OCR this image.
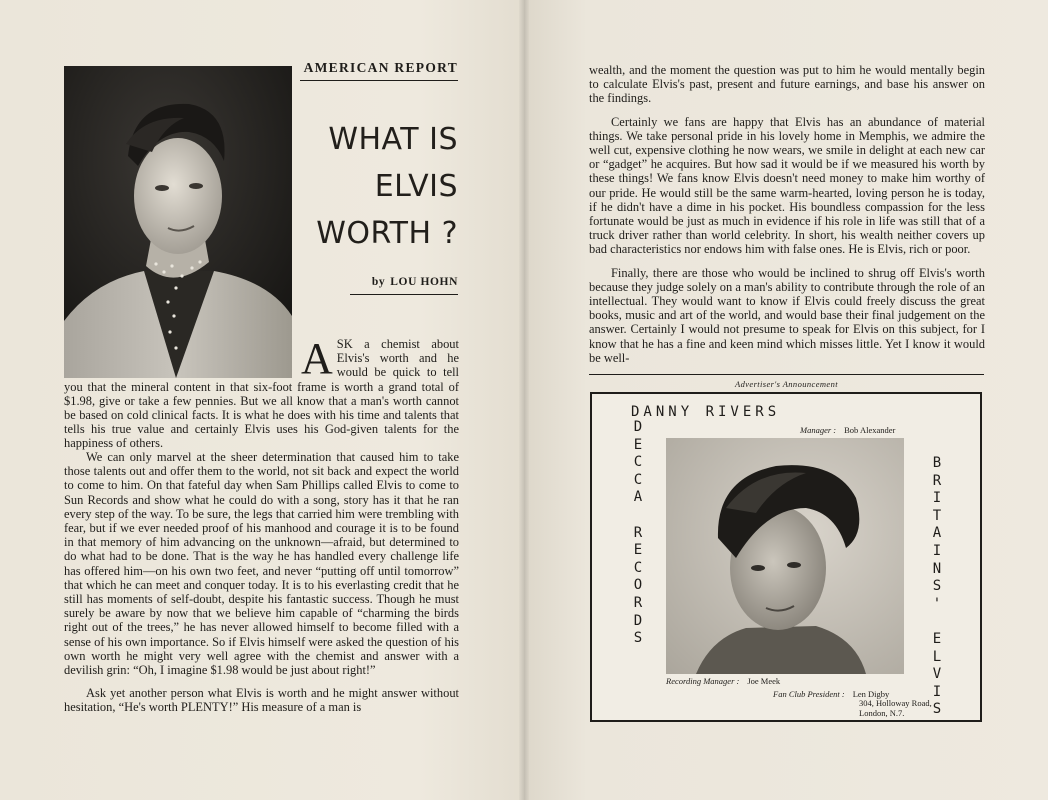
AMERICAN REPORT
WHAT IS
ELVIS
WORTH ?
by LOU HOHN
A SK a chemist about Elvis's worth and he would be quick to tell you that the mineral content in that six-foot frame is worth a grand total of $1.98, give or take a few pennies. But we all know that a man's worth cannot be based on cold clinical facts. It is what he does with his time and talents that tells his true value and certainly Elvis uses his God-given talents for the happiness of others.

We can only marvel at the sheer determination that caused him to take those talents out and offer them to the world, not sit back and expect the world to come to him. On that fateful day when Sam Phillips called Elvis to come to Sun Records and show what he could do with a song, story has it that he ran every step of the way. To be sure, the legs that carried him were trembling with fear, but if we ever needed proof of his manhood and courage it is to be found in that memory of him advancing on the unknown—afraid, but determined to do what had to be done. That is the way he has handled every challenge life has offered him—on his own two feet, and never “putting off until tomorrow” that which he can meet and conquer today. It is to his everlasting credit that he still has moments of self-doubt, despite his fantastic success. Though he must surely be aware by now that we believe him capable of “charming the birds right out of the trees,” he has never allowed himself to become filled with a sense of his own importance. So if Elvis himself were asked the question of his own worth he might very well agree with the chemist and answer with a devilish grin: “Oh, I imagine $1.98 would be just about right!”

Ask yet another person what Elvis is worth and he might answer without hesitation, “He's worth PLENTY!” His measure of a man is

wealth, and the moment the question was put to him he would mentally begin to calculate Elvis's past, present and future earnings, and base his answer on the findings.

Certainly we fans are happy that Elvis has an abundance of material things. We take personal pride in his lovely home in Memphis, we admire the well cut, expensive clothing he now wears, we smile in delight at each new car or “gadget” he acquires. But how sad it would be if we measured his worth by these things! We fans know Elvis doesn't need money to make him worthy of our pride. He would still be the same warm-hearted, loving person he is today, if he didn't have a dime in his pocket. His boundless compassion for the less fortunate would be just as much in evidence if his role in life was still that of a truck driver rather than world celebrity. In short, his wealth neither covers up bad characteristics nor endows him with false ones. He is Elvis, rich or poor.

Finally, there are those who would be inclined to shrug off Elvis's worth because they judge solely on a man's ability to contribute through the role of an intellectual. They would want to know if Elvis could freely discuss the great books, music and art of the world, and would base their final judgement on the answer. Certainly I would not presume to speak for Elvis on this subject, for I know that he has a fine and keen mind which misses little. Yet I know it would be well-

Advertiser's Announcement
DANNY RIVERS
Manager : Bob Alexander
D
E
C
C
A

R
E
C
O
R
D
S
B
R
I
T
A
I
N
S
'

E
L
V
I
S
Recording Manager : Joe Meek
Fan Club President : Len Digby
304, Holloway Road,
London, N.7.
